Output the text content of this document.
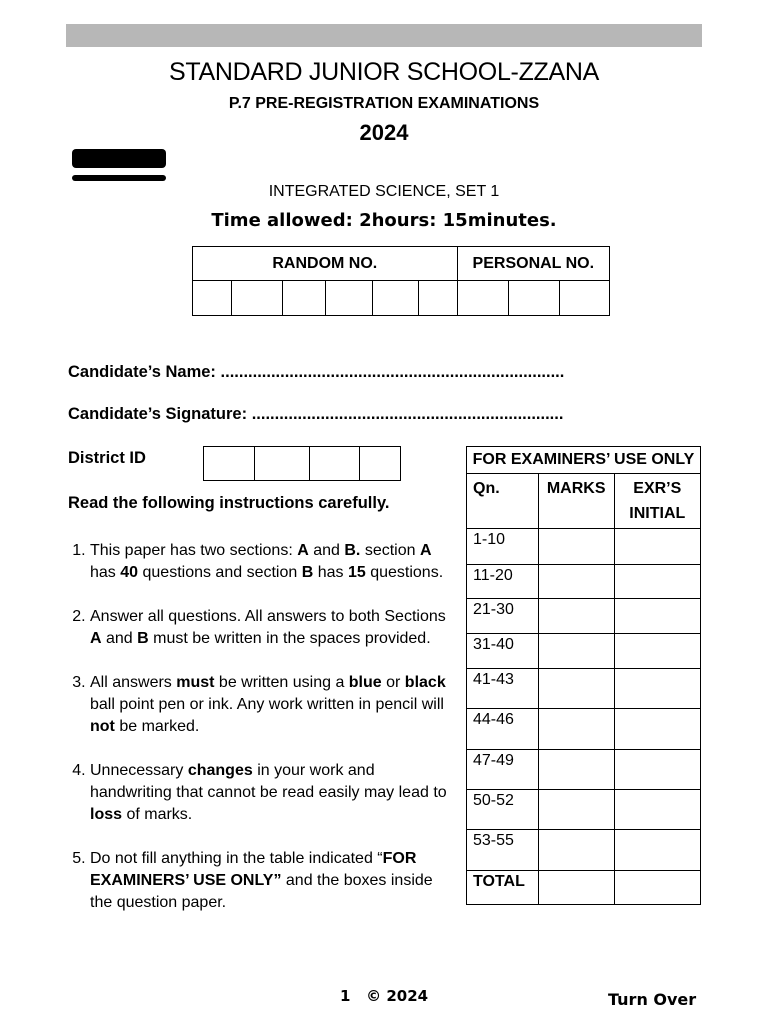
STANDARD JUNIOR SCHOOL-ZZANA
P.7 PRE-REGISTRATION EXAMINATIONS
2024
INTEGRATED SCIENCE, SET 1
Time allowed: 2hours: 15minutes.
RANDOM NO.						PERSONAL NO.		

Candidate’s Name: ...........................................................................
Candidate’s Signature: ....................................................................
District ID

Read the following instructions carefully.
1. This paper has two sections: A and B. section A has 40 questions and section B has 15 questions.
2. Answer all questions. All answers to both Sections A and B must be written in the spaces provided.
3. All answers must be written using a blue or black ball point pen or ink. Any work written in pencil will not be marked.
4. Unnecessary changes in your work and handwriting that cannot be read easily may lead to loss of marks.
5. Do not fill anything in the table indicated “FOR EXAMINERS’ USE ONLY” and the boxes inside the question paper.
FOR EXAMINERS’ USE ONLY		
Qn.	MARKS	EXR’S INITIAL
1-10		
11-20		
21-30		
31-40		
41-43		
44-46		
47-49		
50-52		
53-55		
TOTAL		
1 © 2024	Turn Over
